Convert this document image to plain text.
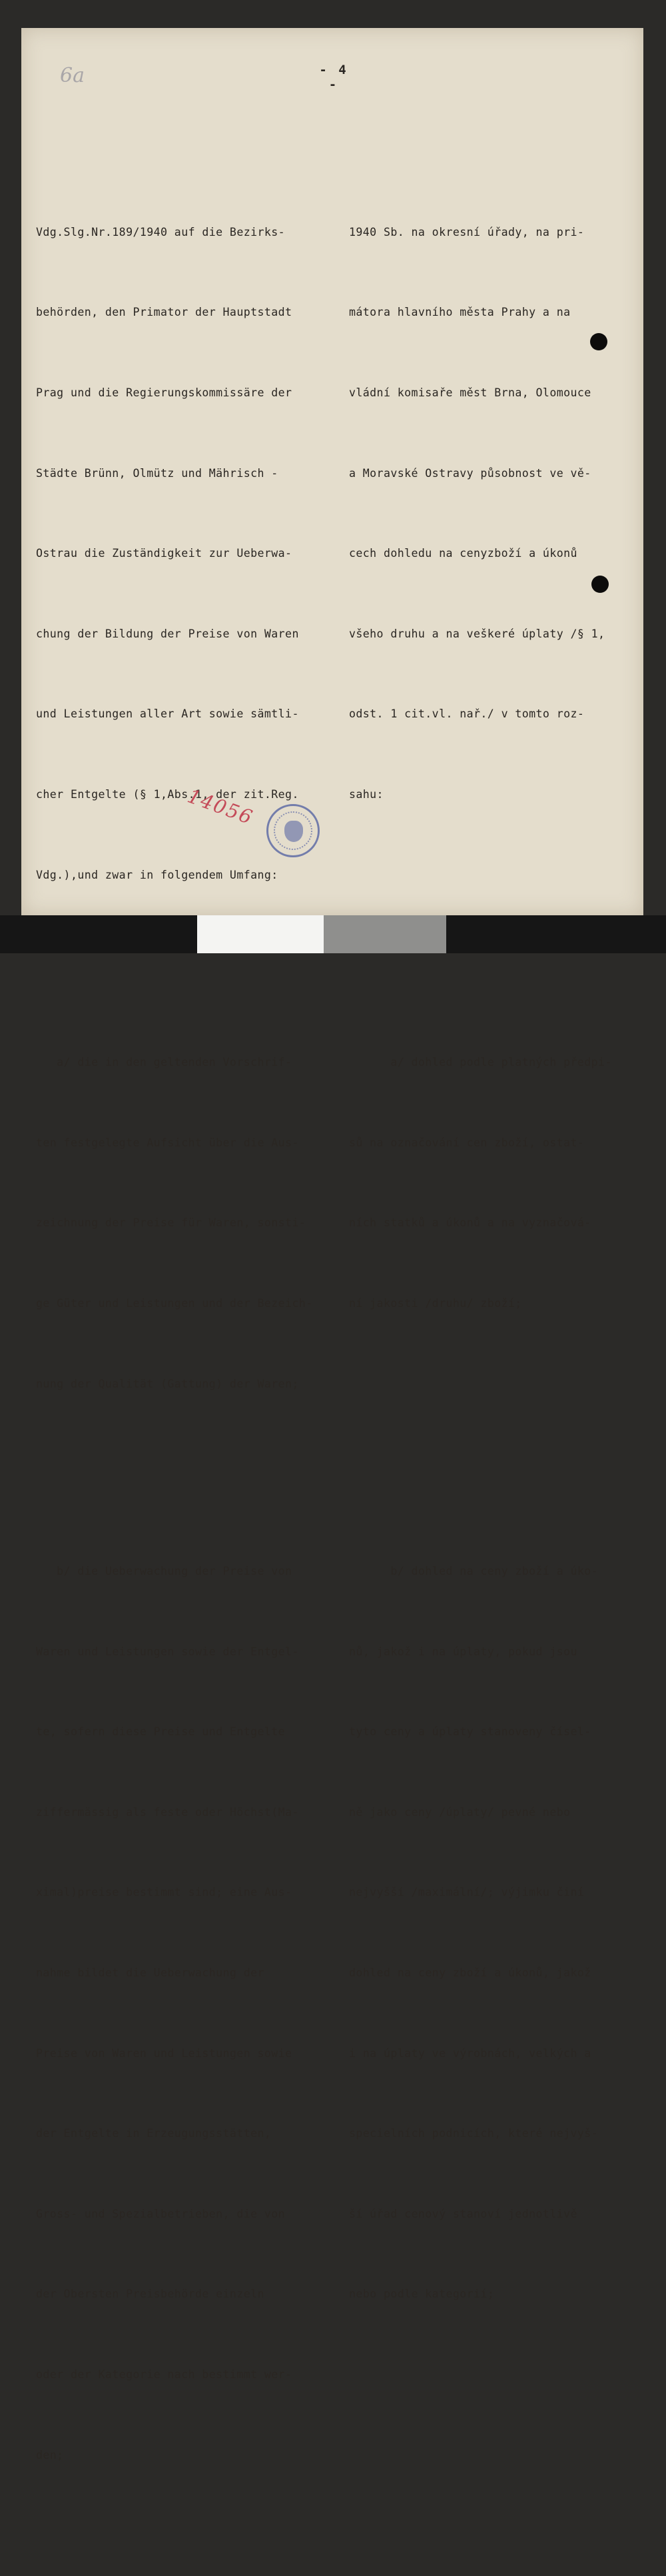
6a	- 4 -

Vdg.Slg.Nr.189/1940 auf die Bezirks-

behörden, den Primator der Hauptstadt

Prag und die Regierungskommissäre der

Städte Brünn, Olmütz und Mährisch -

Ostrau die Zuständigkeit zur Ueberwa-

chung der Bildung der Preise von Waren

und Leistungen aller Art sowie sämtli-

cher Entgelte (§ 1,Abs.1, der zit.Reg.

Vdg.),und zwar in folgendem Umfang:

a/ die in den geltenden Vorschrif-

ten festgelegte Aufsicht über die Aus-

zeichnung der Preise für Waren, sonsti-

ge Güter und Leistungen und der Bezeich-

nung der Qualität (Gattung) der Waren;

b/ die Ueberwachung der Preise von

Waren und Leistungen sowie der Entgel-

te, sofern diese Preise und Entgelte

ziffermässig als feste oder Höchst(Ma-

ximal)preise bestimmt sind; eine Aus-

nahme bildet die Ueberwachung der

Preise von Waren und Leistungen sowie

der Entgelte in Erzeugungsstätten,

Gross- und Spezialbetrieben, die von

der Obersten Preisbehörde einzeln

oder der Kategorie nach bestimmt wer-

den;

1940 Sb. na okresní úřady, na pri-

mátora hlavního města Prahy a na

vládní komisaře měst Brna, Olomouce

a Moravské Ostravy působnost ve vě-

cech dohledu na cenyzboží a úkonů

všeho druhu a na veškeré úplaty /§ 1,

odst. 1 cit.vl. nař./ v tomto roz-

sahu:

a/ dohled podle platných předpi-

sů na označování cen zboží, ostat-

ních statků a úkonů a na vyznačová-

ní jakosti /druhu/ zboží;

b/ dohled na ceny zboží a úko-

nů, jakož i na úplaty, pokud jsou

tyto ceny a úplaty stanoveny čísel-

ně jako ceny /úplaty/ pevné nebo

nejvyšší /maximální/; výjimku činí

dohled na ceny zboží a úkonů, jakož

i na úplaty ve výrobnách, velkých a

specielních podnicích, které nejvyš-

ší úřad cenový stanoví jednotlivě

nebo podle kategorií;

14056
